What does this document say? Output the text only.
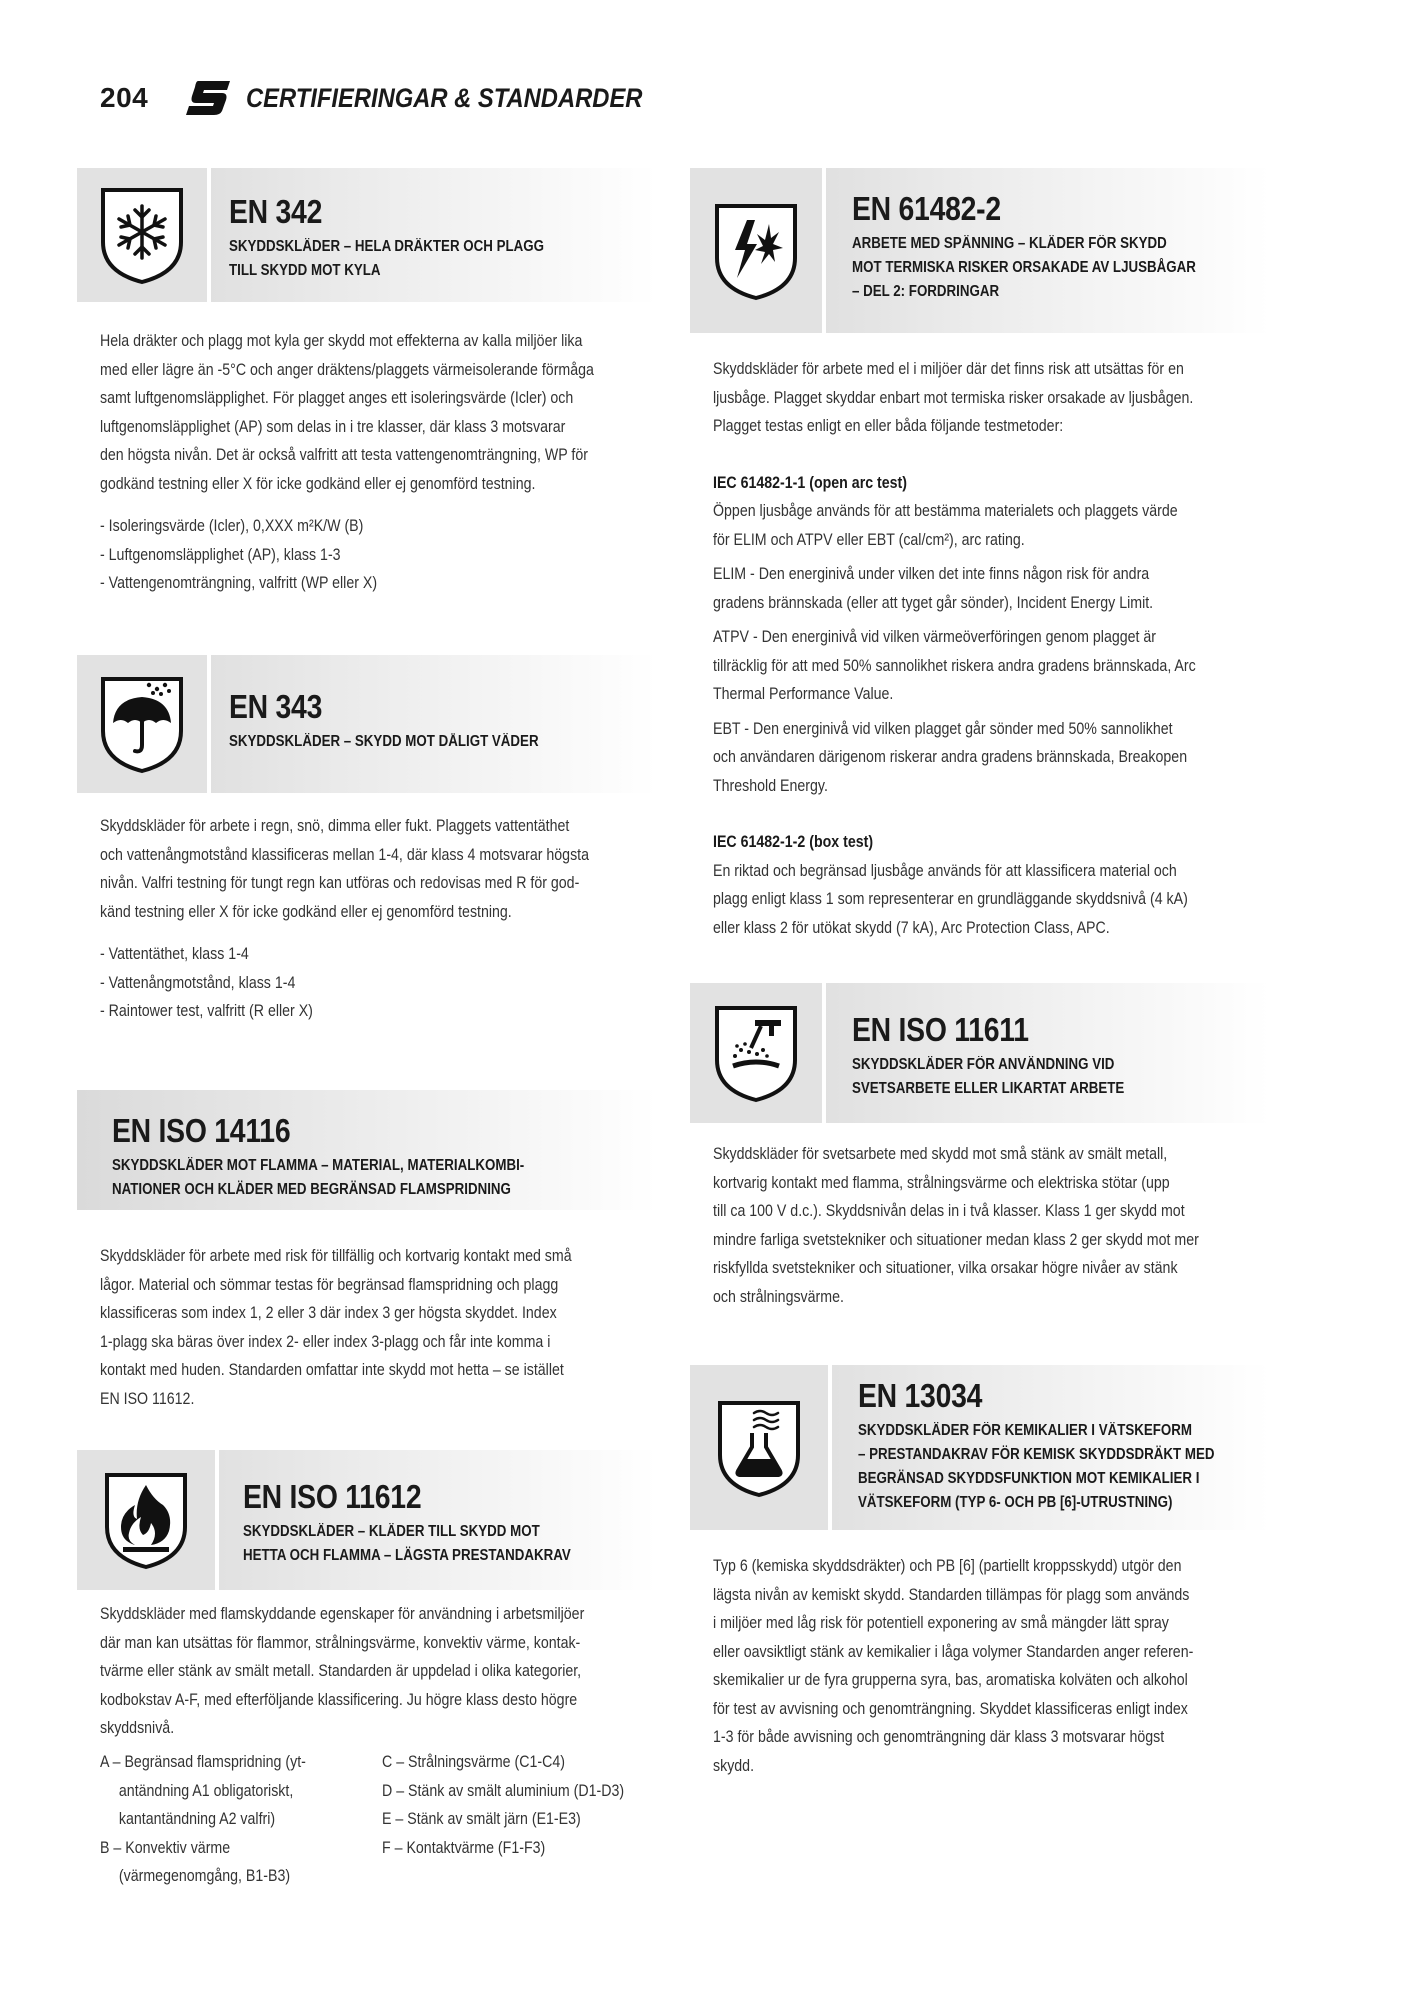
204	CERTIFIERINGAR & STANDARDER
EN 342
SKYDDSKLÄDER – HELA DRÄKTER OCH PLAGG
TILL SKYDD MOT KYLA

Hela dräkter och plagg mot kyla ger skydd mot effekterna av kalla miljöer lika

med eller lägre än -5°C och anger dräktens/plaggets värmeisolerande förmåga

samt luftgenomsläpplighet. För plagget anges ett isoleringsvärde (Icler) och

luftgenomsläpplighet (AP) som delas in i tre klasser, där klass 3 motsvarar

den högsta nivån. Det är också valfritt att testa vattengenomträngning, WP för

godkänd testning eller X för icke godkänd eller ej genomförd testning.

- Isoleringsvärde (Icler), 0,XXX m²K/W (B)

- Luftgenomsläpplighet (AP), klass 1-3

- Vattengenomträngning, valfritt (WP eller X)

EN 343
SKYDDSKLÄDER – SKYDD MOT DÅLIGT VÄDER

Skyddskläder för arbete i regn, snö, dimma eller fukt. Plaggets vattentäthet

och vattenångmotstånd klassificeras mellan 1-4, där klass 4 motsvarar högsta

nivån. Valfri testning för tungt regn kan utföras och redovisas med R för god-

känd testning eller X för icke godkänd eller ej genomförd testning.

- Vattentäthet, klass 1-4

- Vattenångmotstånd, klass 1-4

- Raintower test, valfritt (R eller X)

EN ISO 14116
SKYDDSKLÄDER MOT FLAMMA – MATERIAL, MATERIALKOMBI-
NATIONER OCH KLÄDER MED BEGRÄNSAD FLAMSPRIDNING

Skyddskläder för arbete med risk för tillfällig och kortvarig kontakt med små

lågor. Material och sömmar testas för begränsad flamspridning och plagg

klassificeras som index 1, 2 eller 3 där index 3 ger högsta skyddet. Index

1-plagg ska bäras över index 2- eller index 3-plagg och får inte komma i

kontakt med huden. Standarden omfattar inte skydd mot hetta – se istället

EN ISO 11612.

EN ISO 11612
SKYDDSKLÄDER – KLÄDER TILL SKYDD MOT
HETTA OCH FLAMMA – LÄGSTA PRESTANDAKRAV

Skyddskläder med flamskyddande egenskaper för användning i arbetsmiljöer

där man kan utsättas för flammor, strålningsvärme, konvektiv värme, kontak-

tvärme eller stänk av smält metall. Standarden är uppdelad i olika kategorier,

kodbokstav A-F, med efterföljande klassificering. Ju högre klass desto högre

skyddsnivå.

A – Begränsad flamspridning (yt-

antändning A1 obligatoriskt,

kantantändning A2 valfri)

B – Konvektiv värme

(värmegenomgång, B1-B3)

C – Strålningsvärme (C1-C4)

D – Stänk av smält aluminium (D1-D3)

E – Stänk av smält järn (E1-E3)

F – Kontaktvärme (F1-F3)

EN 61482-2
ARBETE MED SPÄNNING – KLÄDER FÖR SKYDD
MOT TERMISKA RISKER ORSAKADE AV LJUSBÅGAR
– DEL 2: FORDRINGAR

Skyddskläder för arbete med el i miljöer där det finns risk att utsättas för en

ljusbåge. Plagget skyddar enbart mot termiska risker orsakade av ljusbågen.

Plagget testas enligt en eller båda följande testmetoder:

IEC 61482-1-1 (open arc test)

Öppen ljusbåge används för att bestämma materialets och plaggets värde

för ELIM och ATPV eller EBT (cal/cm²), arc rating.

ELIM - Den energinivå under vilken det inte finns någon risk för andra

gradens brännskada (eller att tyget går sönder), Incident Energy Limit.

ATPV - Den energinivå vid vilken värmeöverföringen genom plagget är

tillräcklig för att med 50% sannolikhet riskera andra gradens brännskada, Arc

Thermal Performance Value.

EBT - Den energinivå vid vilken plagget går sönder med 50% sannolikhet

och användaren därigenom riskerar andra gradens brännskada, Breakopen

Threshold Energy.

IEC 61482-1-2 (box test)

En riktad och begränsad ljusbåge används för att klassificera material och

plagg enligt klass 1 som representerar en grundläggande skyddsnivå (4 kA)

eller klass 2 för utökat skydd (7 kA), Arc Protection Class, APC.

EN ISO 11611
SKYDDSKLÄDER FÖR ANVÄNDNING VID
SVETSARBETE ELLER LIKARTAT ARBETE

Skyddskläder för svetsarbete med skydd mot små stänk av smält metall,

kortvarig kontakt med flamma, strålningsvärme och elektriska stötar (upp

till ca 100 V d.c.). Skyddsnivån delas in i två klasser. Klass 1 ger skydd mot

mindre farliga svetstekniker och situationer medan klass 2 ger skydd mot mer

riskfyllda svetstekniker och situationer, vilka orsakar högre nivåer av stänk

och strålningsvärme.

EN 13034
SKYDDSKLÄDER FÖR KEMIKALIER I VÄTSKEFORM
– PRESTANDAKRAV FÖR KEMISK SKYDDSDRÄKT MED
BEGRÄNSAD SKYDDSFUNKTION MOT KEMIKALIER I
VÄTSKEFORM (TYP 6- OCH PB [6]-UTRUSTNING)

Typ 6 (kemiska skyddsdräkter) och PB [6] (partiellt kroppsskydd) utgör den

lägsta nivån av kemiskt skydd. Standarden tillämpas för plagg som används

i miljöer med låg risk för potentiell exponering av små mängder lätt spray

eller oavsiktligt stänk av kemikalier i låga volymer Standarden anger referen-

skemikalier ur de fyra grupperna syra, bas, aromatiska kolväten och alkohol

för test av avvisning och genomträngning. Skyddet klassificeras enligt index

1-3 för både avvisning och genomträngning där klass 3 motsvarar högst

skydd.
